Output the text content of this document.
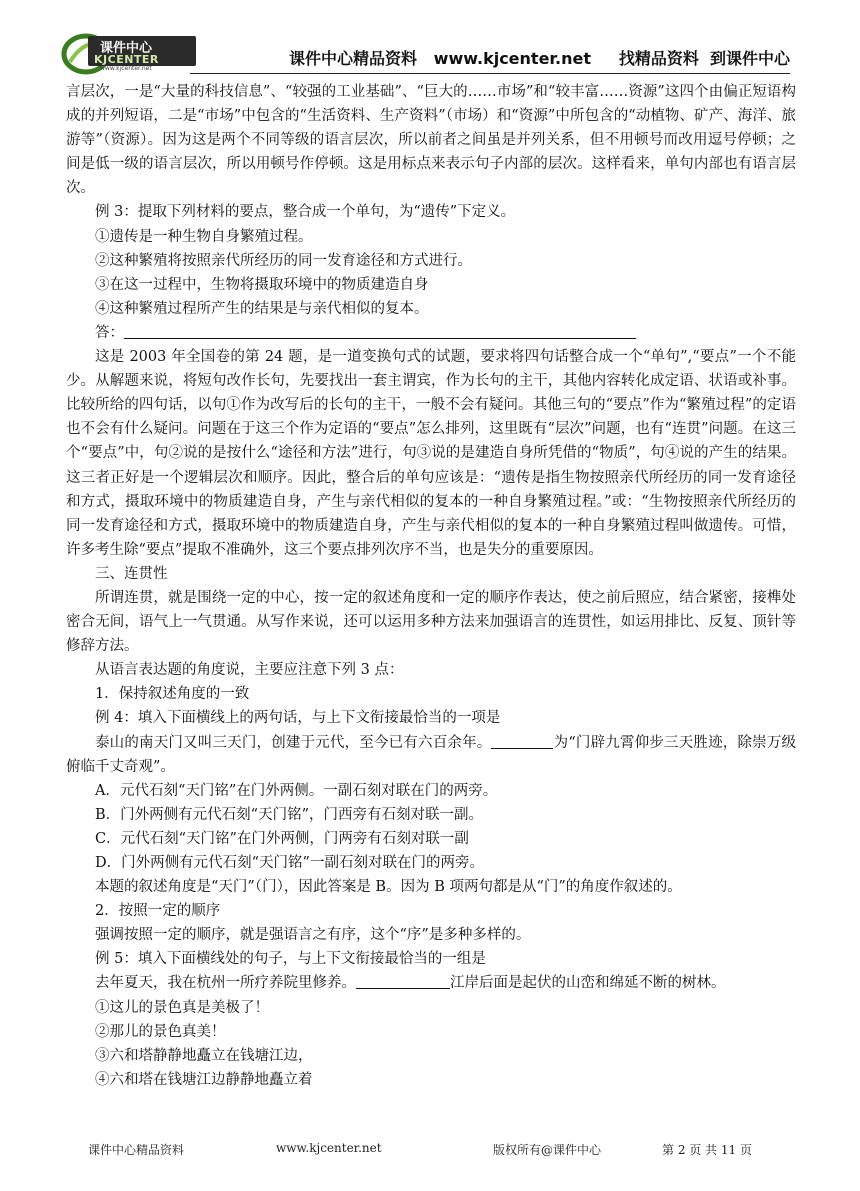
课件中心
KJCENTER
www.kjcenter.net
课件中心精品资料   www.kjcenter.net     找精品资料  到课件中心

言层次，一是“大量的科技信息”、“较强的工业基础”、“巨大的……市场”和“较丰富……资源”这四个由偏正短语构成的并列短语，二是“市场”中包含的“生活资料、生产资料”（市场）和“资源”中所包含的“动植物、矿产、海洋、旅游等”（资源）。因为这是两个不同等级的语言层次，所以前者之间虽是并列关系，但不用顿号而改用逗号停顿；之间是低一级的语言层次，所以用顿号作停顿。这是用标点来表示句子内部的层次。这样看来，单句内部也有语言层次。

例 3：提取下列材料的要点，整合成一个单句，为“遗传”下定义。

①遗传是一种生物自身繁殖过程。

②这种繁殖将按照亲代所经历的同一发育途径和方式进行。

③在这一过程中，生物将摄取环境中的物质建造自身

④这种繁殖过程所产生的结果是与亲代相似的复本。

答：

这是 2003 年全国卷的第 24 题，是一道变换句式的试题，要求将四句话整合成一个“单句”,“要点”一个不能少。从解题来说，将短句改作长句，先要找出一套主谓宾，作为长句的主干，其他内容转化成定语、状语或补事。比较所给的四句话，以句①作为改写后的长句的主干，一般不会有疑问。其他三句的“要点”作为“繁殖过程”的定语也不会有什么疑问。问题在于这三个作为定语的“要点”怎么排列，这里既有“层次”问题，也有“连贯”问题。在这三个“要点”中，句②说的是按什么“途径和方法”进行，句③说的是建造自身所凭借的“物质”，句④说的产生的结果。这三者正好是一个逻辑层次和顺序。因此，整合后的单句应该是：“遗传是指生物按照亲代所经历的同一发育途径和方式，摄取环境中的物质建造自身，产生与亲代相似的复本的一种自身繁殖过程。”或：“生物按照亲代所经历的同一发育途径和方式，摄取环境中的物质建造自身，产生与亲代相似的复本的一种自身繁殖过程叫做遗传。可惜，许多考生除“要点”提取不准确外，这三个要点排列次序不当，也是失分的重要原因。

三、连贯性

所谓连贯，就是围绕一定的中心，按一定的叙述角度和一定的顺序作表达，使之前后照应，结合紧密，接榫处密合无间，语气上一气贯通。从写作来说，还可以运用多种方法来加强语言的连贯性，如运用排比、反复、顶针等修辞方法。

从语言表达题的角度说，主要应注意下列 3 点：

1．保持叙述角度的一致

例 4：填入下面横线上的两句话，与上下文衔接最恰当的一项是

泰山的南天门又叫三天门，创建于元代，至今已有六百余年。	为“门辟九霄仰步三天胜迹，除崇万级俯临千丈奇观”。

A．元代石刻“天门铭”在门外两侧。一副石刻对联在门的两旁。

B．门外两侧有元代石刻“天门铭”，门西旁有石刻对联一副。

C．元代石刻“天门铭”在门外两侧，门两旁有石刻对联一副

D．门外两侧有元代石刻“天门铭”一副石刻对联在门的两旁。

本题的叙述角度是“天门”（门），因此答案是 B。因为 B 项两句都是从“门”的角度作叙述的。

2．按照一定的顺序

强调按照一定的顺序，就是强语言之有序，这个“序”是多种多样的。

例 5：填入下面横线处的句子，与上下文衔接最恰当的一组是

去年夏天，我在杭州一所疗养院里修养。	江岸后面是起伏的山峦和绵延不断的树林。

①这儿的景色真是美极了！

②那儿的景色真美！

③六和塔静静地矗立在钱塘江边，

④六和塔在钱塘江边静静地矗立着

课件中心精品资料	www.kjcenter.net	版权所有@课件中心	第 2 页 共 11 页
